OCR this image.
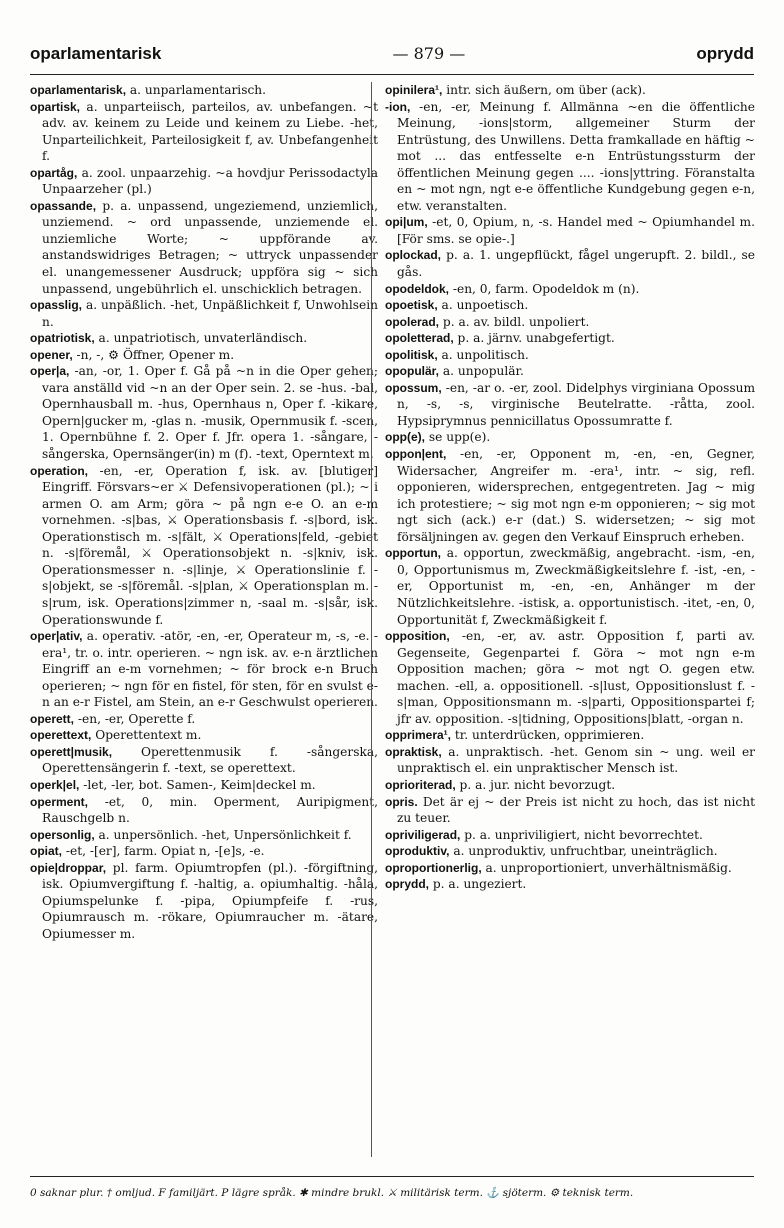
oparlamentarisk	— 879 —	oprydd

oparlamentarisk, a. unparlamentarisch.

opartisk, a. unparteiisch, parteilos, av. unbefangen. ~t adv. av. keinem zu Leide und keinem zu Liebe. -het, Unparteilichkeit, Parteilosigkeit f, av. Unbefangenheit f.

opartåg, a. zool. unpaarzehig. ~a hovdjur Perissodactyla Unpaarzeher (pl.)

opassande, p. a. unpassend, ungeziemend, unziemlich, unziemend. ~ ord unpassende, unziemende el. unziemliche Worte; ~ uppförande av. anstandswidriges Betragen; ~ uttryck unpassender el. unangemessener Ausdruck; uppföra sig ~ sich unpassend, ungebührlich el. unschicklich betragen.

opasslig, a. unpäßlich. -het, Unpäßlichkeit f, Unwohlsein n.

opatriotisk, a. unpatriotisch, unvaterländisch.

opener, -n, -, ⚙ Öffner, Opener m.

oper|a, -an, -or, 1. Oper f. Gå på ~n in die Oper gehen; vara anställd vid ~n an der Oper sein. 2. se -hus. -bal, Opernhausball m. -hus, Opernhaus n, Oper f. -kikare, Opern|gucker m, -glas n. -musik, Opernmusik f. -scen, 1. Opernbühne f. 2. Oper f. Jfr. opera 1. -sångare, -sångerska, Opernsänger(in) m (f). -text, Operntext m.

operation, -en, -er, Operation f, isk. av. [blutiger] Eingriff. Försvars~er ⚔ Defensivoperationen (pl.); ~ i armen O. am Arm; göra ~ på ngn e-e O. an e-m vornehmen. -s|bas, ⚔ Operationsbasis f. -s|bord, isk. Operationstisch m. -s|fält, ⚔ Operations|feld, -gebiet n. -s|föremål, ⚔ Operationsobjekt n. -s|kniv, isk. Operationsmesser n. -s|linje, ⚔ Operationslinie f. -s|objekt, se -s|föremål. -s|plan, ⚔ Operationsplan m. -s|rum, isk. Operations|zimmer n, -saal m. -s|sår, isk. Operationswunde f.

oper|ativ, a. operativ. -atör, -en, -er, Operateur m, -s, -e. -era¹, tr. o. intr. operieren. ~ ngn isk. av. e-n ärztlichen Eingriff an e-m vornehmen; ~ för brock e-n Bruch operieren; ~ ngn för en fistel, för sten, för en svulst e-n an e-r Fistel, am Stein, an e-r Geschwulst operieren.

operett, -en, -er, Operette f.

operettext, Operettentext m.

operett|musik, Operettenmusik f. -sångerska, Operettensängerin f. -text, se operettext.

operk|el, -let, -ler, bot. Samen-, Keim|deckel m.

operment, -et, 0, min. Operment, Auripigment, Rauschgelb n.

opersonlig, a. unpersönlich. -het, Unpersönlichkeit f.

opiat, -et, -[er], farm. Opiat n, -[e]s, -e.

opie|droppar, pl. farm. Opiumtropfen (pl.). -förgiftning, isk. Opiumvergiftung f. -haltig, a. opiumhaltig. -håla, Opiumspelunke f. -pipa, Opiumpfeife f. -rus, Opiumrausch m. -rökare, Opiumraucher m. -ätare, Opiumesser m.

opinilera¹, intr. sich äußern, om über (ack).

-ion, -en, -er, Meinung f. Allmänna ~en die öffentliche Meinung, -ions|storm, allgemeiner Sturm der Entrüstung, des Unwillens. Detta framkallade en häftig ~ mot ... das entfesselte e-n Entrüstungssturm der öffentlichen Meinung gegen .... -ions|yttring. Föranstalta en ~ mot ngn, ngt e-e öffentliche Kundgebung gegen e-n, etw. veranstalten.

opi|um, -et, 0, Opium, n, -s. Handel med ~ Opiumhandel m. [För sms. se opie-.]

oplockad, p. a. 1. ungepflückt, fågel ungerupft. 2. bildl., se gås.

opodeldok, -en, 0, farm. Opodeldok m (n).

opoetisk, a. unpoetisch.

opolerad, p. a. av. bildl. unpoliert.

opoletterad, p. a. järnv. unabgefertigt.

opolitisk, a. unpolitisch.

opopulär, a. unpopulär.

opossum, -en, -ar o. -er, zool. Didelphys virginiana Opossum n, -s, -s, virginische Beutelratte. -råtta, zool. Hypsiprymnus pennicillatus Opossumratte f.

opp(e), se upp(e).

oppon|ent, -en, -er, Opponent m, -en, -en, Gegner, Widersacher, Angreifer m. -era¹, intr. ~ sig, refl. opponieren, widersprechen, entgegentreten. Jag ~ mig ich protestiere; ~ sig mot ngn e-m opponieren; ~ sig mot ngt sich (ack.) e-r (dat.) S. widersetzen; ~ sig mot försäljningen av. gegen den Verkauf Einspruch erheben.

opportun, a. opportun, zweckmäßig, angebracht. -ism, -en, 0, Opportunismus m, Zweckmäßigkeitslehre f. -ist, -en, -er, Opportunist m, -en, -en, Anhänger m der Nützlichkeitslehre. -istisk, a. opportunistisch. -itet, -en, 0, Opportunität f, Zweckmäßigkeit f.

opposition, -en, -er, av. astr. Opposition f, parti av. Gegenseite, Gegenpartei f. Göra ~ mot ngn e-m Opposition machen; göra ~ mot ngt O. gegen etw. machen. -ell, a. oppositionell. -s|lust, Oppositionslust f. -s|man, Oppositionsmann m. -s|parti, Oppositionspartei f; jfr av. opposition. -s|tidning, Oppositions|blatt, -organ n.

opprimera¹, tr. unterdrücken, opprimieren.

opraktisk, a. unpraktisch. -het. Genom sin ~ ung. weil er unpraktisch el. ein unpraktischer Mensch ist.

oprioriterad, p. a. jur. nicht bevorzugt.

opris. Det är ej ~ der Preis ist nicht zu hoch, das ist nicht zu teuer.

opriviligerad, p. a. unpriviligiert, nicht bevorrechtet.

oproduktiv, a. unproduktiv, unfruchtbar, uneinträglich.

oproportionerlig, a. unproportioniert, unverhältnismäßig.

oprydd, p. a. ungeziert.

0 saknar plur. † omljud. F familjärt. P lägre språk. ✱ mindre brukl. ⚔ militärisk term. ⚓ sjöterm. ⚙ teknisk term.
